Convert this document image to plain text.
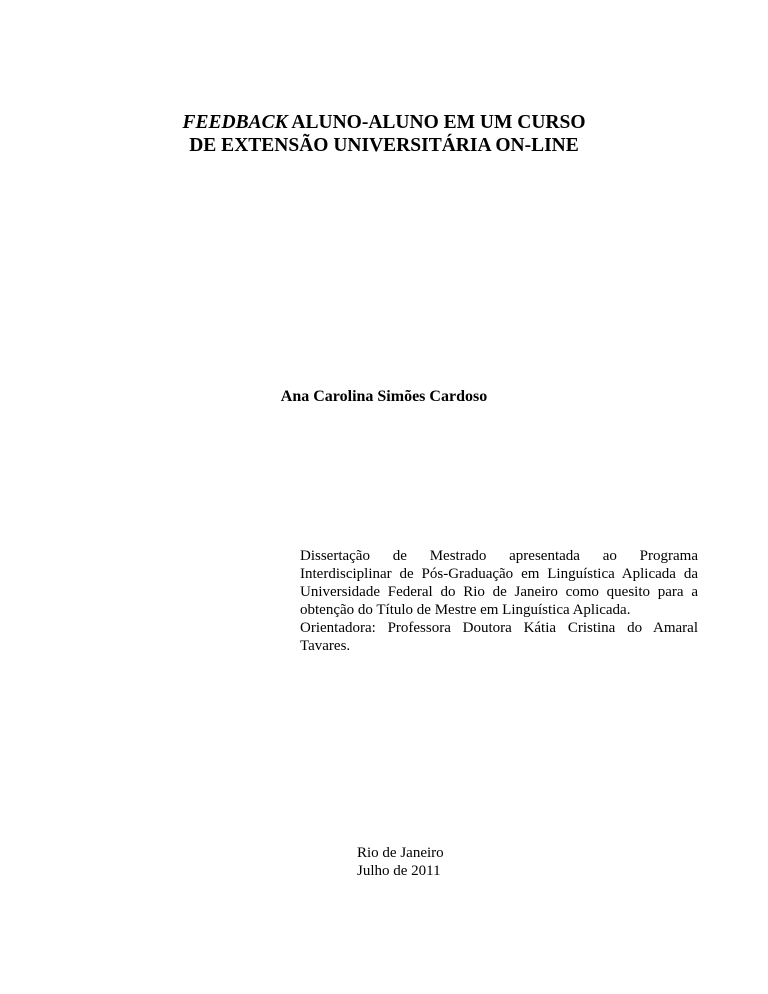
FEEDBACK ALUNO-ALUNO EM UM CURSO
DE EXTENSÃO UNIVERSITÁRIA ON-LINE
Ana Carolina Simões Cardoso

Dissertação de Mestrado apresentada ao Programa Interdisciplinar de Pós-Graduação em Linguística Aplicada da Universidade Federal do Rio de Janeiro como quesito para a obtenção do Título de Mestre em Linguística Aplicada.

Orientadora: Professora Doutora Kátia Cristina do Amaral Tavares.

Rio de Janeiro
Julho de 2011
